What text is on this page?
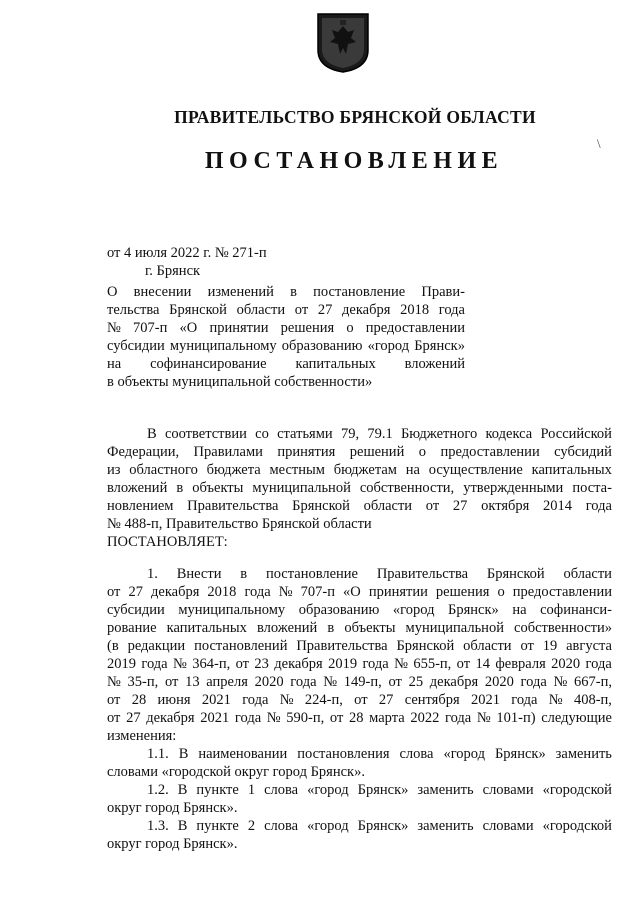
ПРАВИТЕЛЬСТВО БРЯНСКОЙ ОБЛАСТИ
\
ПОСТАНОВЛЕНИЕ
от 4 июля 2022 г. № 271-п
г. Брянск
О внесении изменений в постановление Прави-
тельства Брянской области от 27 декабря 2018 года
№ 707-п «О принятии решения о предоставлении
субсидии муниципальному образованию «город Брянск»
на софинансирование капитальных вложений
в объекты муниципальной собственности»
В соответствии со статьями 79, 79.1 Бюджетного кодекса Российской
Федерации, Правилами принятия решений о предоставлении субсидий
из областного бюджета местным бюджетам на осуществление капитальных
вложений в объекты муниципальной собственности, утвержденными поста-
новлением Правительства Брянской области от 27 октября 2014 года
№ 488-п, Правительство Брянской области
ПОСТАНОВЛЯЕТ:
1. Внести в постановление Правительства Брянской области
от 27 декабря 2018 года № 707-п «О принятии решения о предоставлении
субсидии муниципальному образованию «город Брянск» на софинанси-
рование капитальных вложений в объекты муниципальной собственности»
(в редакции постановлений Правительства Брянской области от 19 августа
2019 года № 364-п, от 23 декабря 2019 года № 655-п, от 14 февраля 2020 года
№ 35-п, от 13 апреля 2020 года № 149-п, от 25 декабря 2020 года № 667-п,
от 28 июня 2021 года № 224-п, от 27 сентября 2021 года № 408-п,
от 27 декабря 2021 года № 590-п, от 28 марта 2022 года № 101-п) следующие
изменения:
1.1. В наименовании постановления слова «город Брянск» заменить
словами «городской округ город Брянск».
1.2. В пункте 1 слова «город Брянск» заменить словами «городской
округ город Брянск».
1.3. В пункте 2 слова «город Брянск» заменить словами «городской
округ город Брянск».
